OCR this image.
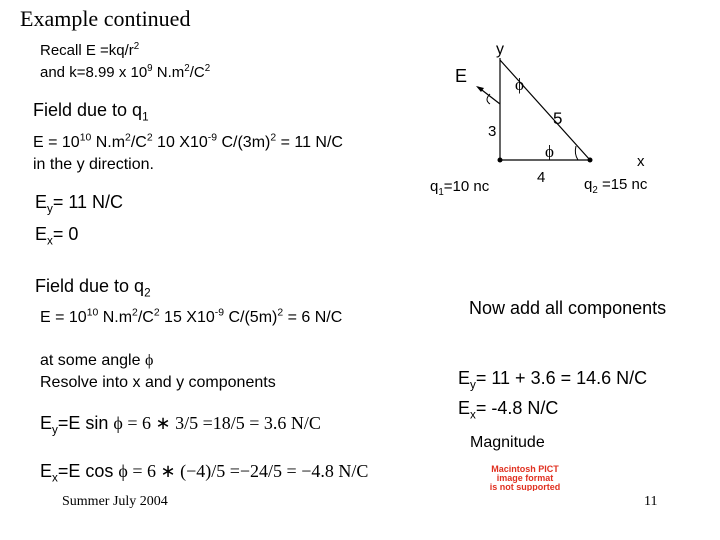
Example continued
Recall $E =kq/r^2$
and k=8.99 x $10^9$ $N.m^2/C^2$
Field due to $q_1$
$E = 10^{10}$ $N.m^2/C^2$ 10 $X10^{-9}$ $C/(3m)^2 = 11$ N/C
in the y direction.
$E_y= 11$ N/C
$E_x= 0$
Field due to $q_2$
$E = 10^{10}$ $N.m^2/C^2$ 15 $X10^{-9}$ $C/(5m)^2 = 6$ N/C
at some angle ϕ
Resolve into x and y components
$E_y=E$ sin ϕ = 6 ∗ 3/5 =18/5 = 3.6 N/C
$E_x=E$ cos ϕ = 6 ∗ (−4)/5 =−24/5 = −4.8 N/C
Summer July 2004	11
y
E	ϕ
3
5
ϕ
4
x
$q_1=10$ nc	$q_2 =15$ nc
Now add all components
$E_y= 11 + 3.6 = 14.6$ N/C
$E_x= -4.8$ N/C
Magnitude
Macintosh PICT
image format
is not supported
